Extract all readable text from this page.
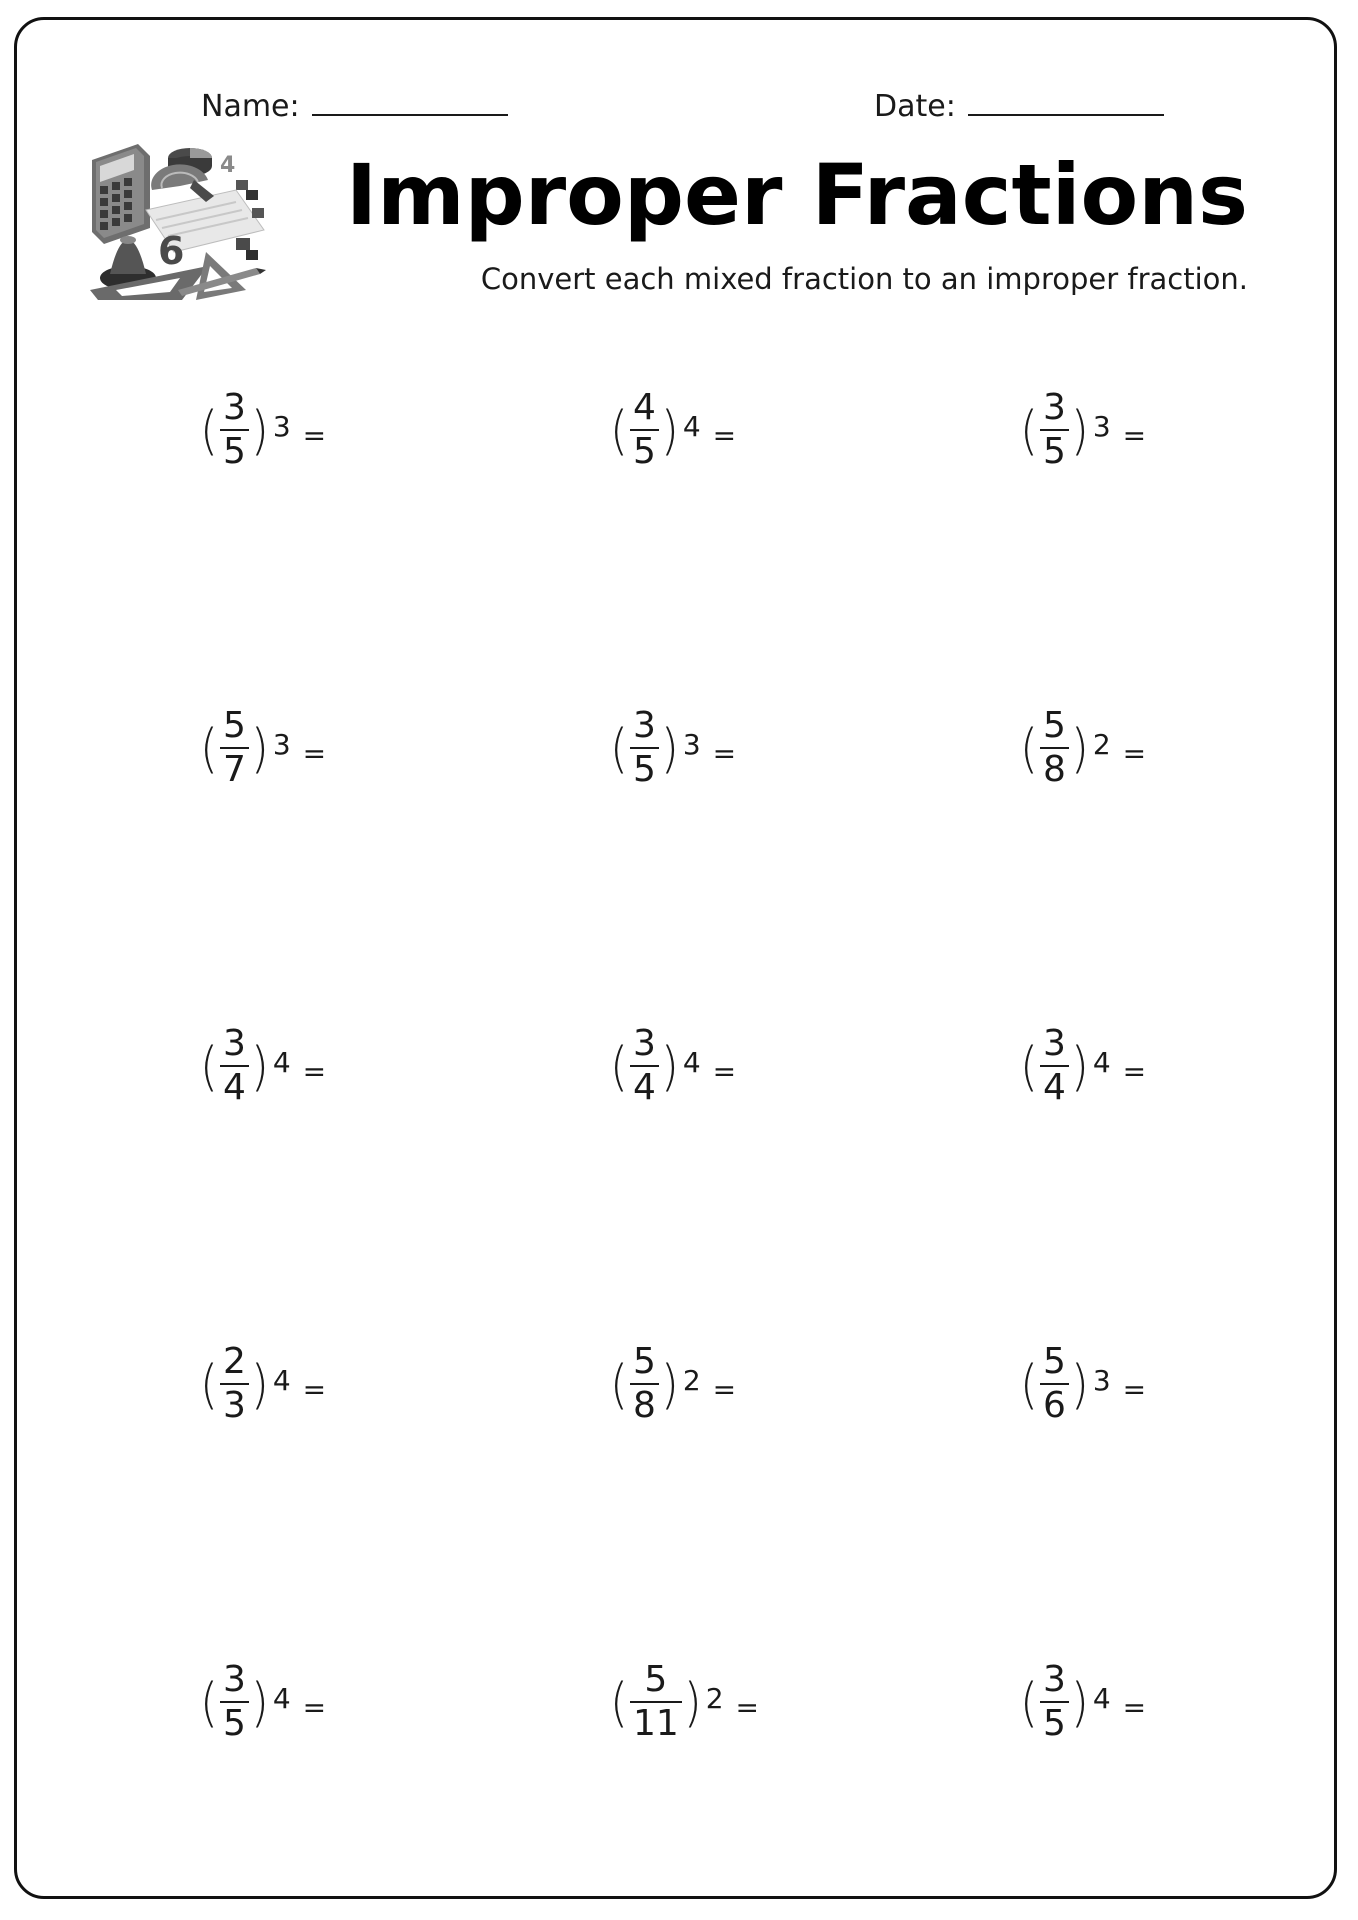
Name:	Date:
4
6
Improper Fractions
Convert each mixed fraction to an improper fraction.
( $\frac{3}{5}$ ) 3 =	( $\frac{4}{5}$ ) 4 =	( $\frac{3}{5}$ ) 3 =
( $\frac{5}{7}$ ) 3 =	( $\frac{3}{5}$ ) 3 =	( $\frac{5}{8}$ ) 2 =
( $\frac{3}{4}$ ) 4 =	( $\frac{3}{4}$ ) 4 =	( $\frac{3}{4}$ ) 4 =
( $\frac{2}{3}$ ) 4 =	( $\frac{5}{8}$ ) 2 =	( $\frac{5}{6}$ ) 3 =
( $\frac{3}{5}$ ) 4 =	( $\frac{5}{11}$ ) 2 =	( $\frac{3}{5}$ ) 4 =
